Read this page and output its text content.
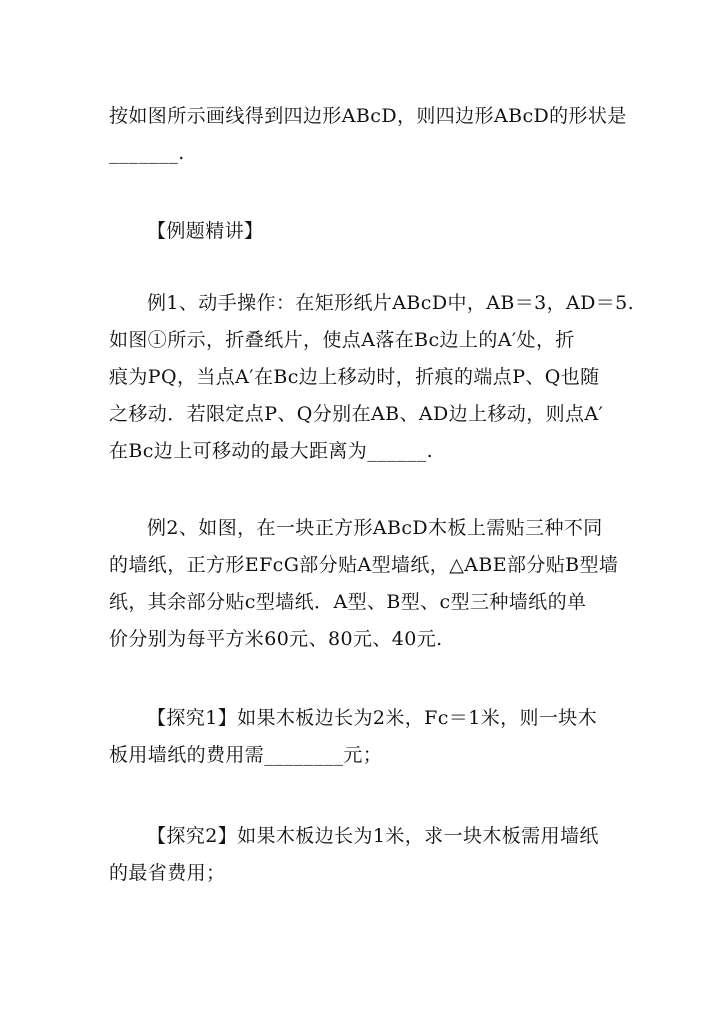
按如图所示画线得到四边形ABcD，则四边形ABcD的形状是
_______.

【例题精讲】

例1、动手操作：在矩形纸片ABcD中，AB＝3，AD＝5.
如图①所示，折叠纸片，使点A落在Bc边上的A′处，折
痕为PQ，当点A′在Bc边上移动时，折痕的端点P、Q也随
之移动．若限定点P、Q分别在AB、AD边上移动，则点A′
在Bc边上可移动的最大距离为______.

例2、如图，在一块正方形ABcD木板上需贴三种不同
的墙纸，正方形EFcG部分贴A型墙纸，△ABE部分贴B型墙
纸，其余部分贴c型墙纸．A型、B型、c型三种墙纸的单
价分别为每平方米60元、80元、40元.

【探究1】如果木板边长为2米，Fc＝1米，则一块木
板用墙纸的费用需________元；

【探究2】如果木板边长为1米，求一块木板需用墙纸
的最省费用；
